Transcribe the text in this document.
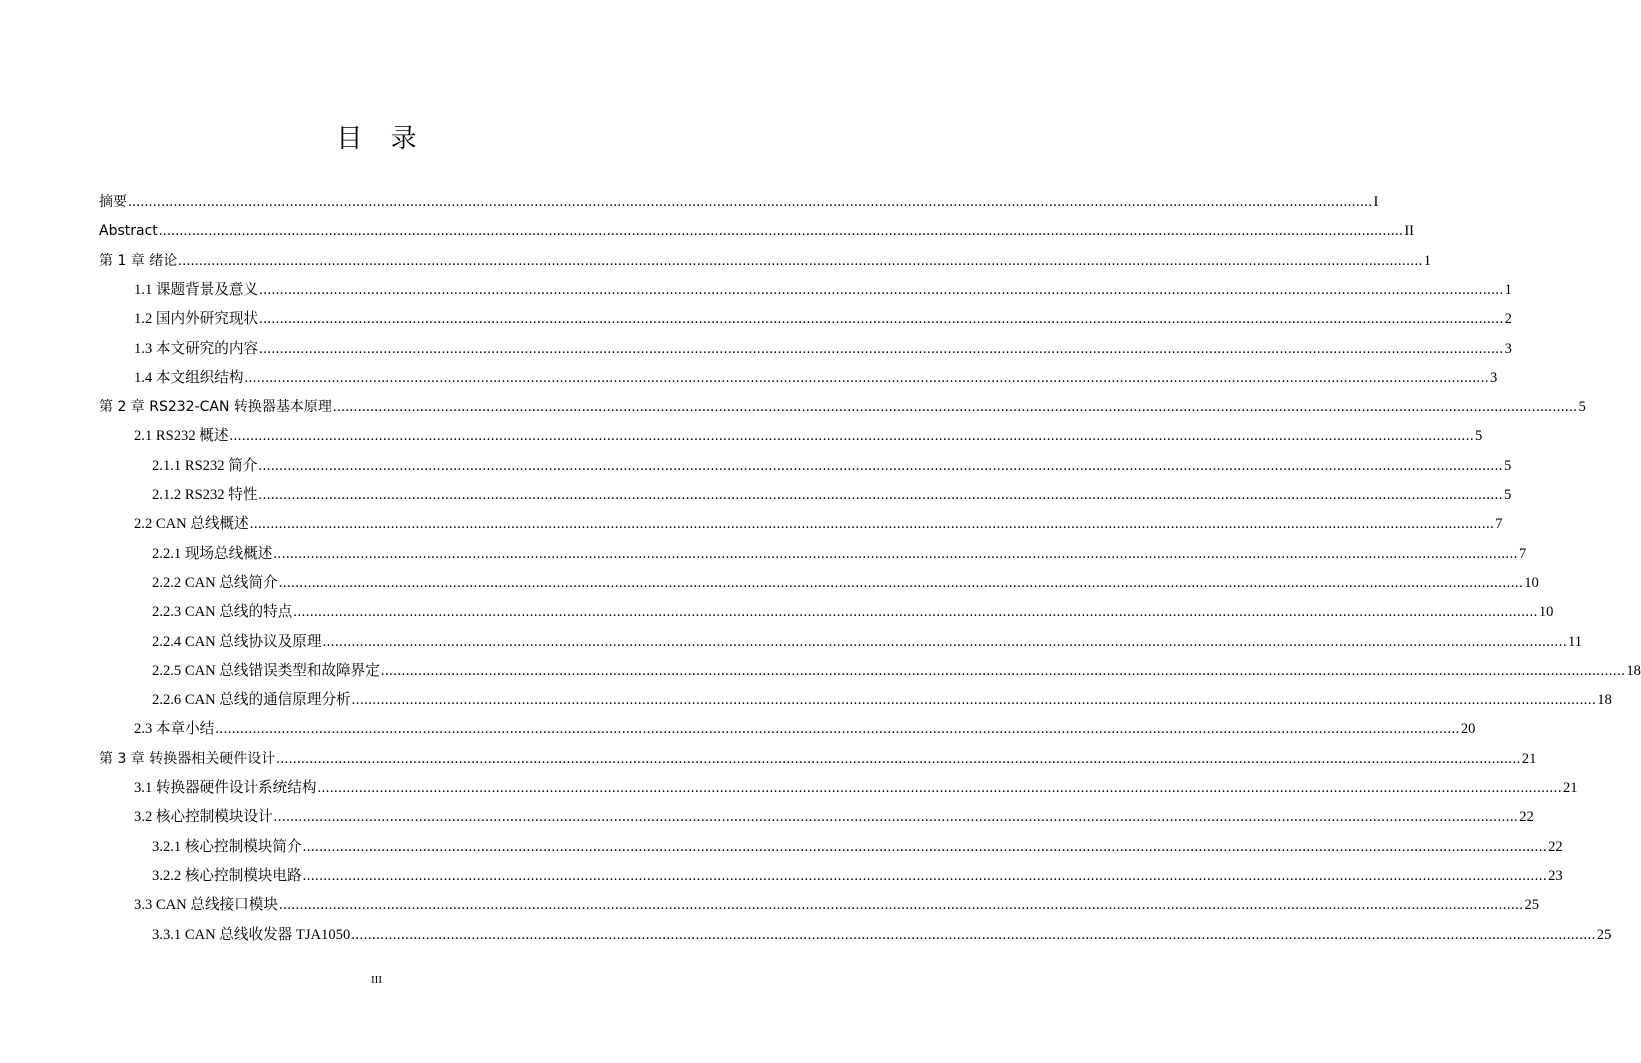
目 录
摘要 ............................................................................................................................................................................................................................................................................................................ I
Abstract ............................................................................................................................................................................................................................................................................................................ II
第 1 章 绪论 ............................................................................................................................................................................................................................................................................................................ 1
1.1 课题背景及意义 ............................................................................................................................................................................................................................................................................................................ 1
1.2 国内外研究现状 ............................................................................................................................................................................................................................................................................................................ 2
1.3 本文研究的内容 ............................................................................................................................................................................................................................................................................................................ 3
1.4 本文组织结构 ............................................................................................................................................................................................................................................................................................................ 3
第 2 章 RS232-CAN 转换器基本原理 ............................................................................................................................................................................................................................................................................................................ 5
2.1 RS232 概述 ............................................................................................................................................................................................................................................................................................................ 5
2.1.1 RS232 简介 ............................................................................................................................................................................................................................................................................................................ 5
2.1.2 RS232 特性 ............................................................................................................................................................................................................................................................................................................ 5
2.2 CAN 总线概述 ............................................................................................................................................................................................................................................................................................................ 7
2.2.1 现场总线概述 ............................................................................................................................................................................................................................................................................................................ 7
2.2.2 CAN 总线简介 ............................................................................................................................................................................................................................................................................................................ 10
2.2.3 CAN 总线的特点 ............................................................................................................................................................................................................................................................................................................ 10
2.2.4 CAN 总线协议及原理 ............................................................................................................................................................................................................................................................................................................ 11
2.2.5 CAN 总线错误类型和故障界定 ............................................................................................................................................................................................................................................................................................................ 18
2.2.6 CAN 总线的通信原理分析 ............................................................................................................................................................................................................................................................................................................ 18
2.3 本章小结 ............................................................................................................................................................................................................................................................................................................ 20
第 3 章 转换器相关硬件设计 ............................................................................................................................................................................................................................................................................................................ 21
3.1 转换器硬件设计系统结构 ............................................................................................................................................................................................................................................................................................................ 21
3.2 核心控制模块设计 ............................................................................................................................................................................................................................................................................................................ 22
3.2.1 核心控制模块简介 ............................................................................................................................................................................................................................................................................................................ 22
3.2.2 核心控制模块电路 ............................................................................................................................................................................................................................................................................................................ 23
3.3 CAN 总线接口模块 ............................................................................................................................................................................................................................................................................................................ 25
3.3.1 CAN 总线收发器 TJA1050 ............................................................................................................................................................................................................................................................................................................ 25
III
